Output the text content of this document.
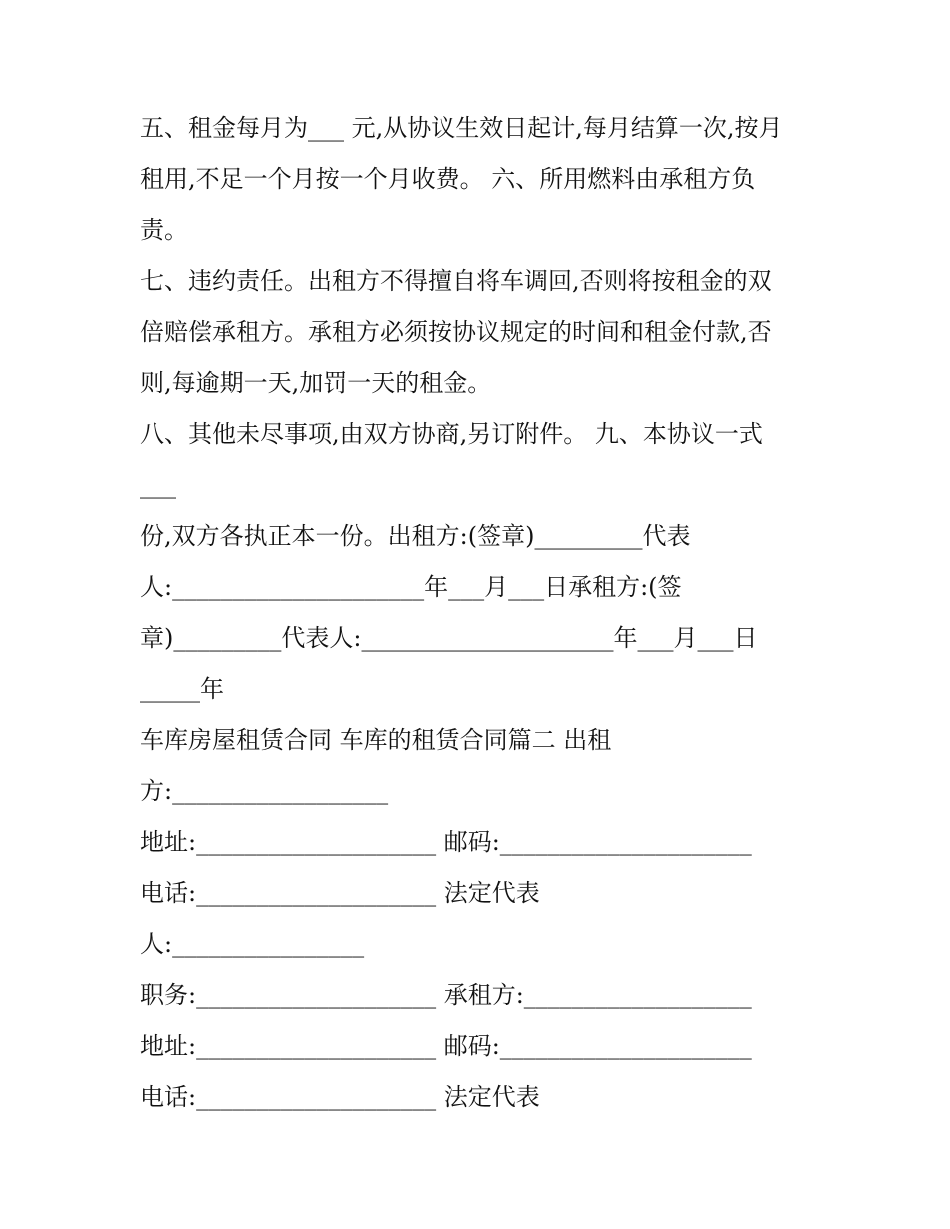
五、租金每月为___ 元,从协议生效日起计,每月结算一次,按月
租用,不足一个月按一个月收费。 六、所用燃料由承租方负
责。
七、违约责任。出租方不得擅自将车调回,否则将按租金的双
倍赔偿承租方。承租方必须按协议规定的时间和租金付款,否
则,每逾期一天,加罚一天的租金。
八、其他未尽事项,由双方协商,另订附件。 九、本协议一式
___
份,双方各执正本一份。出租方:(签章)_________代表
人:_____________________年___月___日承租方:(签
章)_________代表人:_____________________年___月___日
_____年
车库房屋租赁合同 车库的租赁合同篇二 出租
方:__________________
地址:____________________ 邮码:_____________________
电话:____________________ 法定代表
人:________________
职务:____________________ 承租方:___________________
地址:____________________ 邮码:_____________________
电话:____________________ 法定代表
